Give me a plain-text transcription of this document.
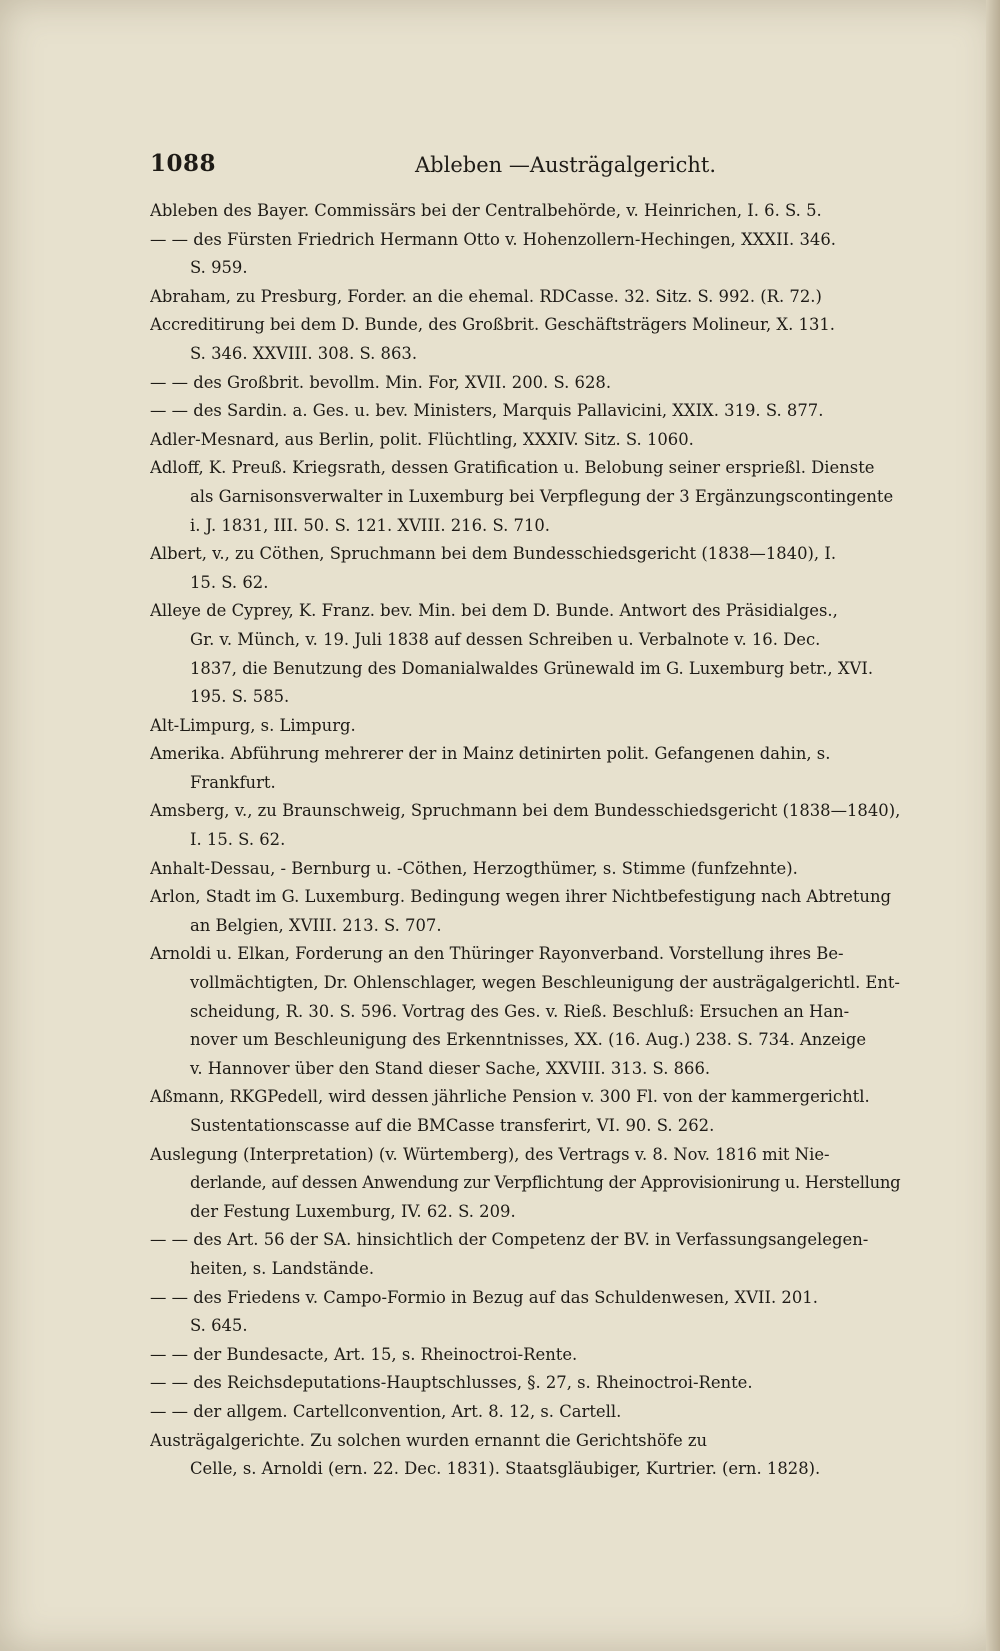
1088	Ableben —Austrägalgericht.
Ableben des Bayer. Commissärs bei der Centralbehörde, v. Heinrichen, I. 6. S. 5.
— — des Fürsten Friedrich Hermann Otto v. Hohenzollern-Hechingen, XXXII. 346.
S. 959.
Abraham, zu Presburg, Forder. an die ehemal. RDCasse. 32. Sitz. S. 992. (R. 72.)
Accreditirung bei dem D. Bunde, des Großbrit. Geschäftsträgers Molineur, X. 131.
S. 346. XXVIII. 308. S. 863.
— — des Großbrit. bevollm. Min. For, XVII. 200. S. 628.
— — des Sardin. a. Ges. u. bev. Ministers, Marquis Pallavicini, XXIX. 319. S. 877.
Adler-Mesnard, aus Berlin, polit. Flüchtling, XXXIV. Sitz. S. 1060.
Adloff, K. Preuß. Kriegsrath, dessen Gratification u. Belobung seiner ersprießl. Dienste
als Garnisonsverwalter in Luxemburg bei Verpflegung der 3 Ergänzungscontingente
i. J. 1831, III. 50. S. 121. XVIII. 216. S. 710.
Albert, v., zu Cöthen, Spruchmann bei dem Bundesschiedsgericht (1838—1840), I.
15. S. 62.
Alleye de Cyprey, K. Franz. bev. Min. bei dem D. Bunde. Antwort des Präsidialges.,
Gr. v. Münch, v. 19. Juli 1838 auf dessen Schreiben u. Verbalnote v. 16. Dec.
1837, die Benutzung des Domanialwaldes Grünewald im G. Luxemburg betr., XVI.
195. S. 585.
Alt-Limpurg, s. Limpurg.
Amerika. Abführung mehrerer der in Mainz detinirten polit. Gefangenen dahin, s.
Frankfurt.
Amsberg, v., zu Braunschweig, Spruchmann bei dem Bundesschiedsgericht (1838—1840),
I. 15. S. 62.
Anhalt-Dessau, - Bernburg u. -Cöthen, Herzogthümer, s. Stimme (funfzehnte).
Arlon, Stadt im G. Luxemburg. Bedingung wegen ihrer Nichtbefestigung nach Abtretung
an Belgien, XVIII. 213. S. 707.
Arnoldi u. Elkan, Forderung an den Thüringer Rayonverband. Vorstellung ihres Be-
vollmächtigten, Dr. Ohlenschlager, wegen Beschleunigung der austrägalgerichtl. Ent-
scheidung, R. 30. S. 596. Vortrag des Ges. v. Rieß. Beschluß: Ersuchen an Han-
nover um Beschleunigung des Erkenntnisses, XX. (16. Aug.) 238. S. 734. Anzeige
v. Hannover über den Stand dieser Sache, XXVIII. 313. S. 866.
Aßmann, RKGPedell, wird dessen jährliche Pension v. 300 Fl. von der kammergerichtl.
Sustentationscasse auf die BMCasse transferirt, VI. 90. S. 262.
Auslegung (Interpretation) (v. Würtemberg), des Vertrags v. 8. Nov. 1816 mit Nie-
derlande, auf dessen Anwendung zur Verpflichtung der Approvisionirung u. Herstellung
der Festung Luxemburg, IV. 62. S. 209.
— — des Art. 56 der SA. hinsichtlich der Competenz der BV. in Verfassungsangelegen-
heiten, s. Landstände.
— — des Friedens v. Campo-Formio in Bezug auf das Schuldenwesen, XVII. 201.
S. 645.
— — der Bundesacte, Art. 15, s. Rheinoctroi-Rente.
— — des Reichsdeputations-Hauptschlusses, §. 27, s. Rheinoctroi-Rente.
— — der allgem. Cartellconvention, Art. 8. 12, s. Cartell.
Austrägalgerichte. Zu solchen wurden ernannt die Gerichtshöfe zu
Celle, s. Arnoldi (ern. 22. Dec. 1831). Staatsgläubiger, Kurtrier. (ern. 1828).
